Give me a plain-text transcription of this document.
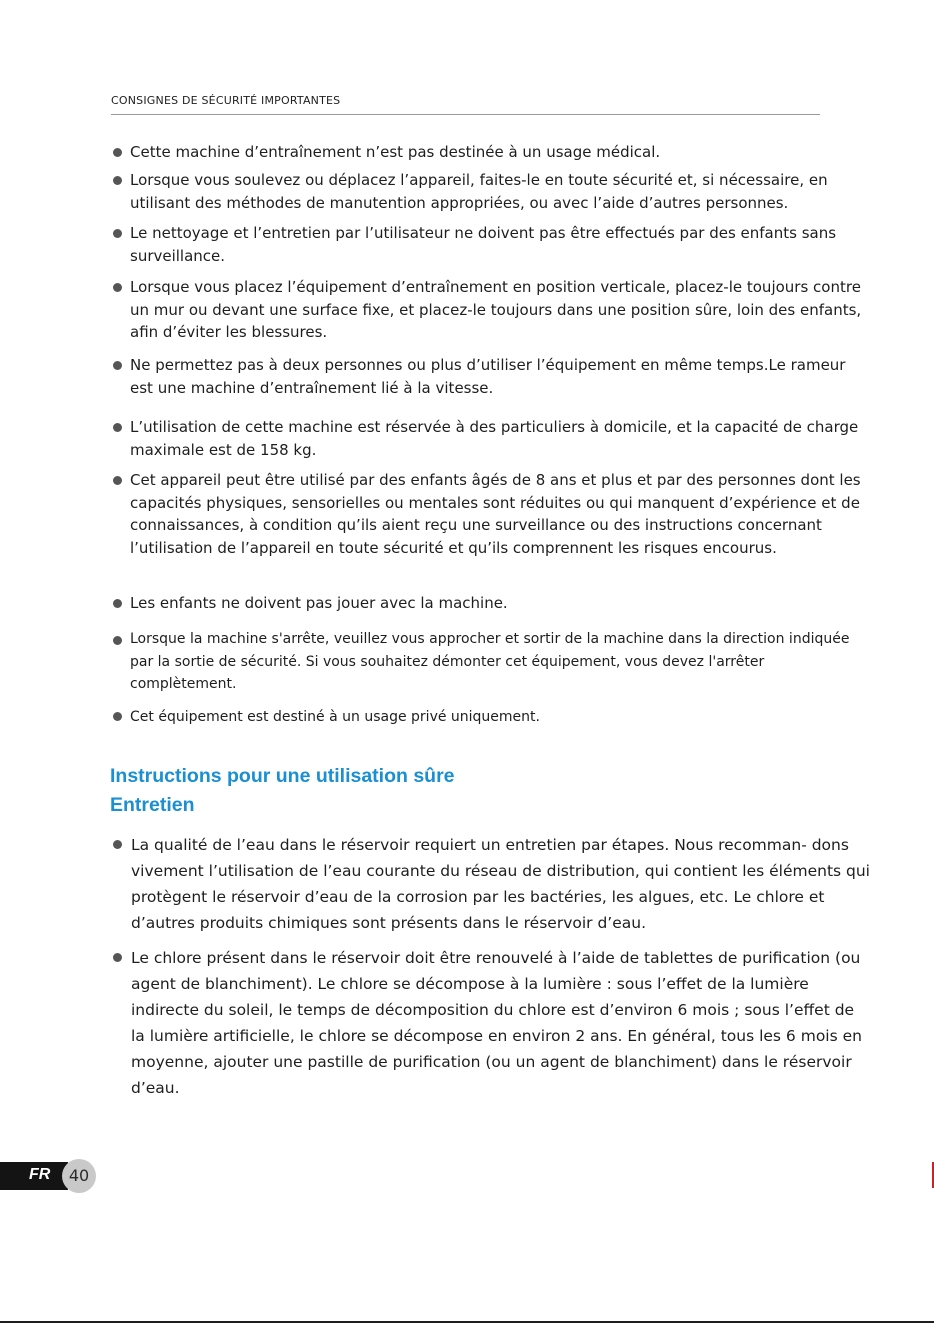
CONSIGNES DE SÉCURITÉ IMPORTANTES
Cette machine d’entraînement n’est pas destinée à un usage médical.
Lorsque vous soulevez ou déplacez l’appareil, faites-le en toute sécurité et, si nécessaire, en utilisant des méthodes de manutention appropriées, ou avec l’aide d’autres personnes.
Le nettoyage et l’entretien par l’utilisateur ne doivent pas être effectués par des enfants sans surveillance.
Lorsque vous placez l’équipement d’entraînement en position verticale, placez-le toujours contre un mur ou devant une surface fixe, et placez-le toujours dans une position sûre, loin des enfants, afin d’éviter les blessures.
Ne permettez pas à deux personnes ou plus d’utiliser l’équipement en même temps.Le rameur est une machine d’entraînement lié à la vitesse.
L’utilisation de cette machine est réservée à des particuliers à domicile, et la capacité de charge maximale est de 158 kg.
Cet appareil peut être utilisé par des enfants âgés de 8 ans et plus et par des personnes dont les capacités physiques, sensorielles ou mentales sont réduites ou qui manquent d’expérience et de connaissances, à condition qu’ils aient reçu une surveillance ou des instructions concernant l’utilisation de l’appareil en toute sécurité et qu’ils comprennent les risques encourus.
Les enfants ne doivent pas jouer avec la machine.
Lorsque la machine s'arrête, veuillez vous approcher et sortir de la machine dans la direction indiquée par la sortie de sécurité. Si vous souhaitez démonter cet équipement, vous devez l'arrêter complètement.
Cet équipement est destiné à un usage privé uniquement.
Instructions pour une utilisation sûre
Entretien
La qualité de l’eau dans le réservoir requiert un entretien par étapes. Nous recomman- dons vivement l’utilisation de l’eau courante du réseau de distribution, qui contient les éléments qui protègent le réservoir d’eau de la corrosion par les bactéries, les algues, etc. Le chlore et d’autres produits chimiques sont présents dans le réservoir d’eau.
Le chlore présent dans le réservoir doit être renouvelé à l’aide de tablettes de purification (ou agent de blanchiment). Le chlore se décompose à la lumière : sous l’effet de la lumière indirecte du soleil, le temps de décomposition du chlore est d’environ 6 mois ; sous l’effet de la lumière artificielle, le chlore se décompose en environ 2 ans. En général, tous les 6 mois en moyenne, ajouter une pastille de purification (ou un agent de blanchiment) dans le réservoir d’eau.
FR	40
